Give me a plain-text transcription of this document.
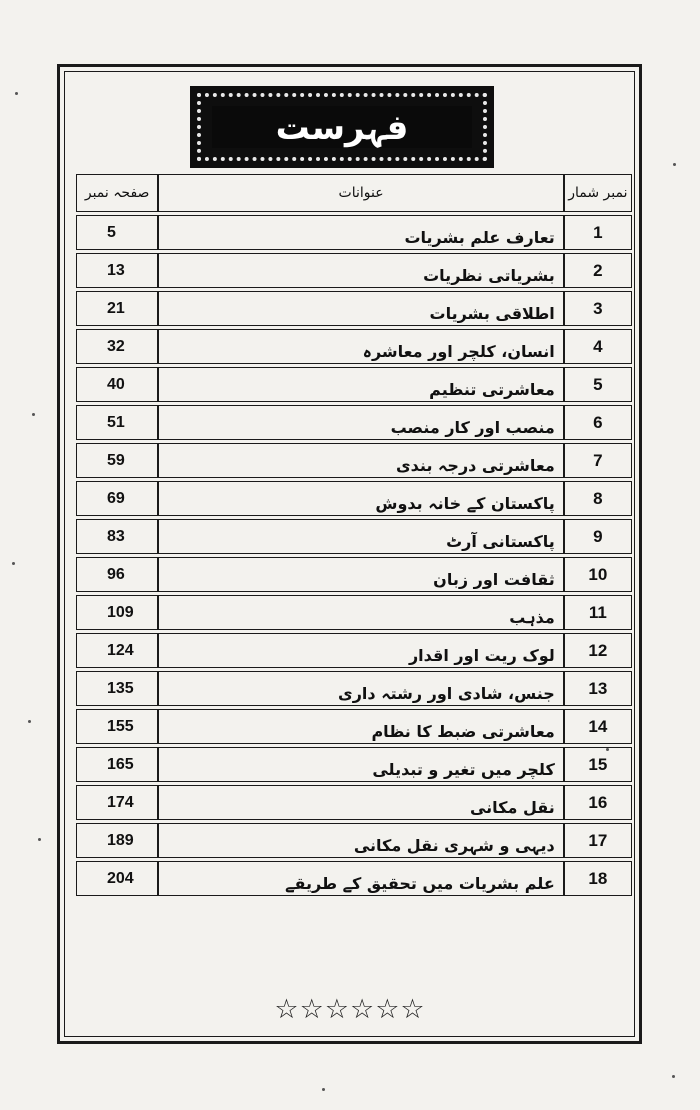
فہرست
نمبر شمار	عنوانات	صفحہ نمبر
1	تعارف علم بشریات	5
2	بشریاتی نظریات	13
3	اطلاقی بشریات	21
4	انسان، کلچر اور معاشرہ	32
5	معاشرتی تنظیم	40
6	منصب اور کار منصب	51
7	معاشرتی درجہ بندی	59
8	پاکستان کے خانہ بدوش	69
9	پاکستانی آرٹ	83
10	ثقافت اور زبان	96
11	مذہب	109
12	لوک ریت اور اقدار	124
13	جنس، شادی اور رشتہ داری	135
14	معاشرتی ضبط کا نظام	155
15	کلچر میں تغیر و تبدیلی	165
16	نقل مکانی	174
17	دیہی و شہری نقل مکانی	189
18	علم بشریات میں تحقیق کے طریقے	204
☆☆☆☆☆☆
